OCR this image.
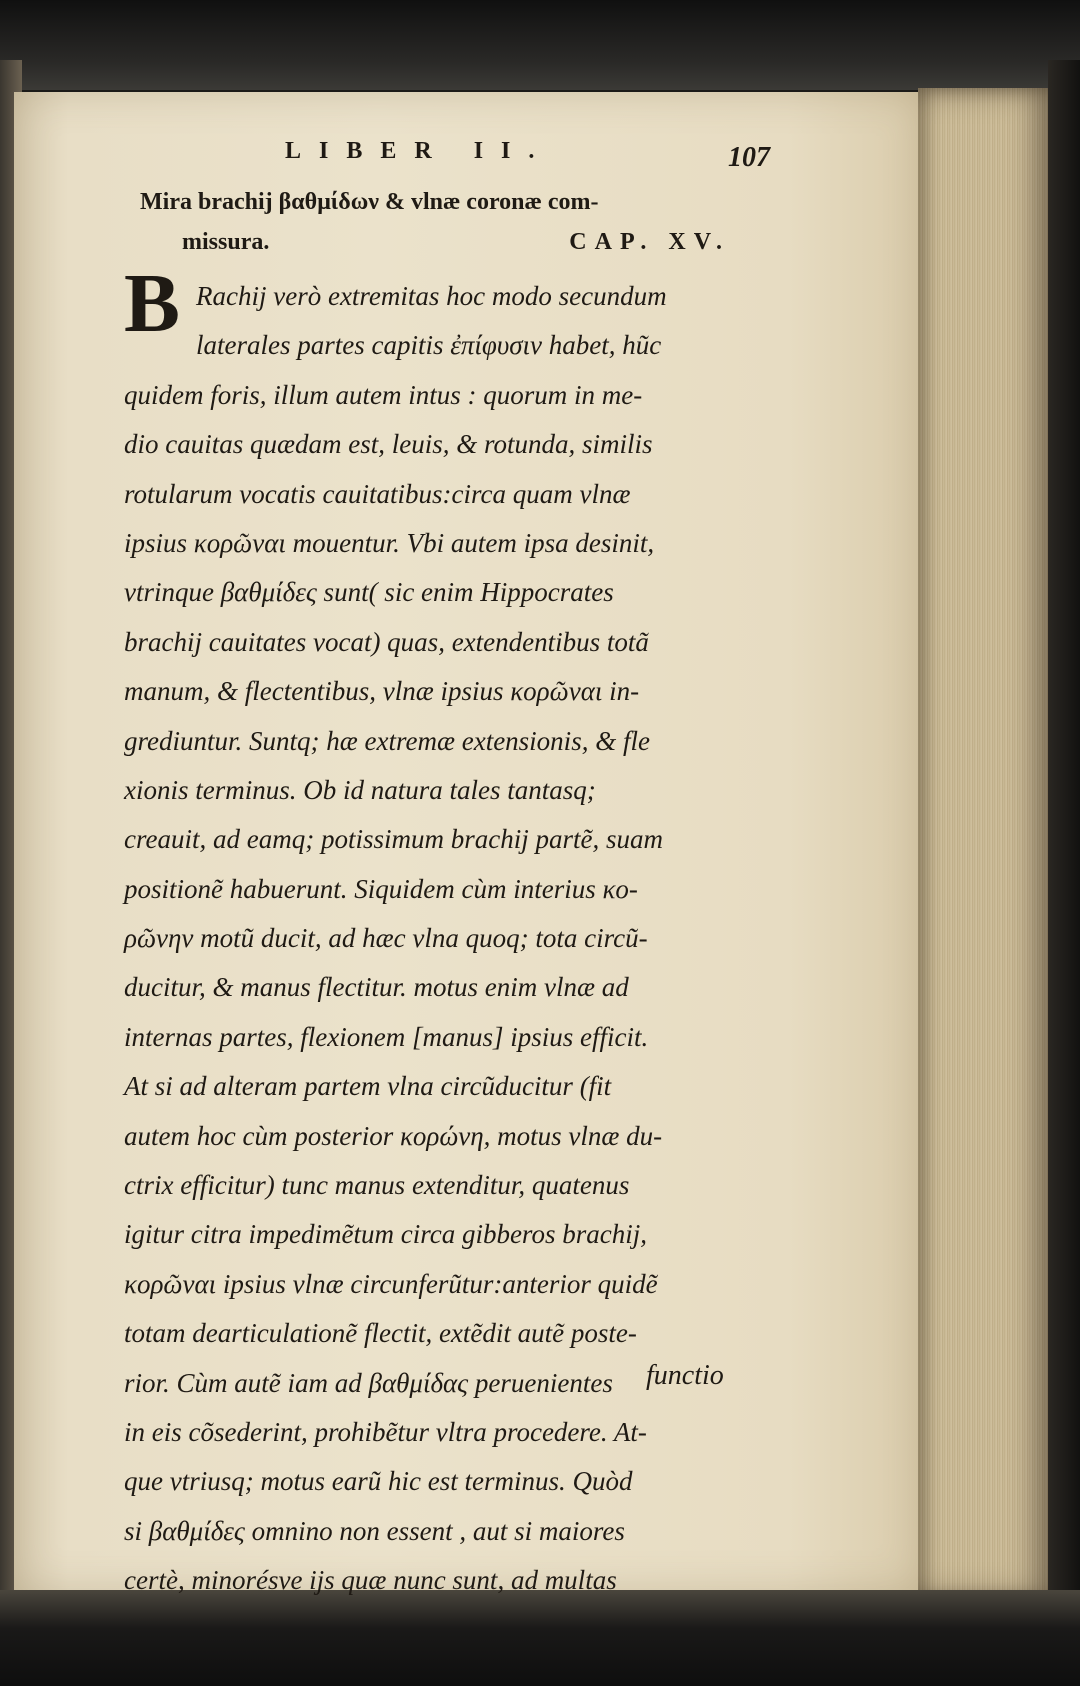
LIBER II.	107
Mira brachij βαθμίδων & vlnæ coronæ com-
missura.	CAP. XV.
B Rachij verò extremitas hoc modo secundum
laterales partes capitis ἐπίφυσιν habet, hũc
quidem foris, illum autem intus : quorum in me-
dio cauitas quædam est, leuis, & rotunda, similis
rotularum vocatis cauitatibus:circa quam vlnæ
ipsius κορῶναι mouentur. Vbi autem ipsa desinit,
vtrinque βαθμίδες sunt( sic enim Hippocrates
brachij cauitates vocat) quas, extendentibus totã
manum, & flectentibus, vlnæ ipsius κορῶναι in-
grediuntur. Suntq; hæ extremæ extensionis, & fle
xionis terminus. Ob id natura tales tantasq;
creauit, ad eamq; potissimum brachij partẽ, suam
positionẽ habuerunt. Siquidem cùm interius κο-
ρῶνην motũ ducit, ad hæc vlna quoq; tota circũ-
ducitur, & manus flectitur. motus enim vlnæ ad
internas partes, flexionem [manus] ipsius efficit.
At si ad alteram partem vlna circũducitur (fit
autem hoc cùm posterior κορώνη, motus vlnæ du-
ctrix efficitur) tunc manus extenditur, quatenus
igitur citra impedimẽtum circa gibberos brachij,
κορῶναι ipsius vlnæ circunferũtur:anterior quidẽ
totam dearticulationẽ flectit, extẽdit autẽ poste-
rior. Cùm autẽ iam ad βαθμίδας peruenientes
in eis cõsederint, prohibẽtur vltra procedere. At-
que vtriusq; motus earũ hic est terminus. Quòd
si βαθμίδες omnino non essent , aut si maiores
certè, minorésve ijs quæ nunc sunt, ad multas
functio
